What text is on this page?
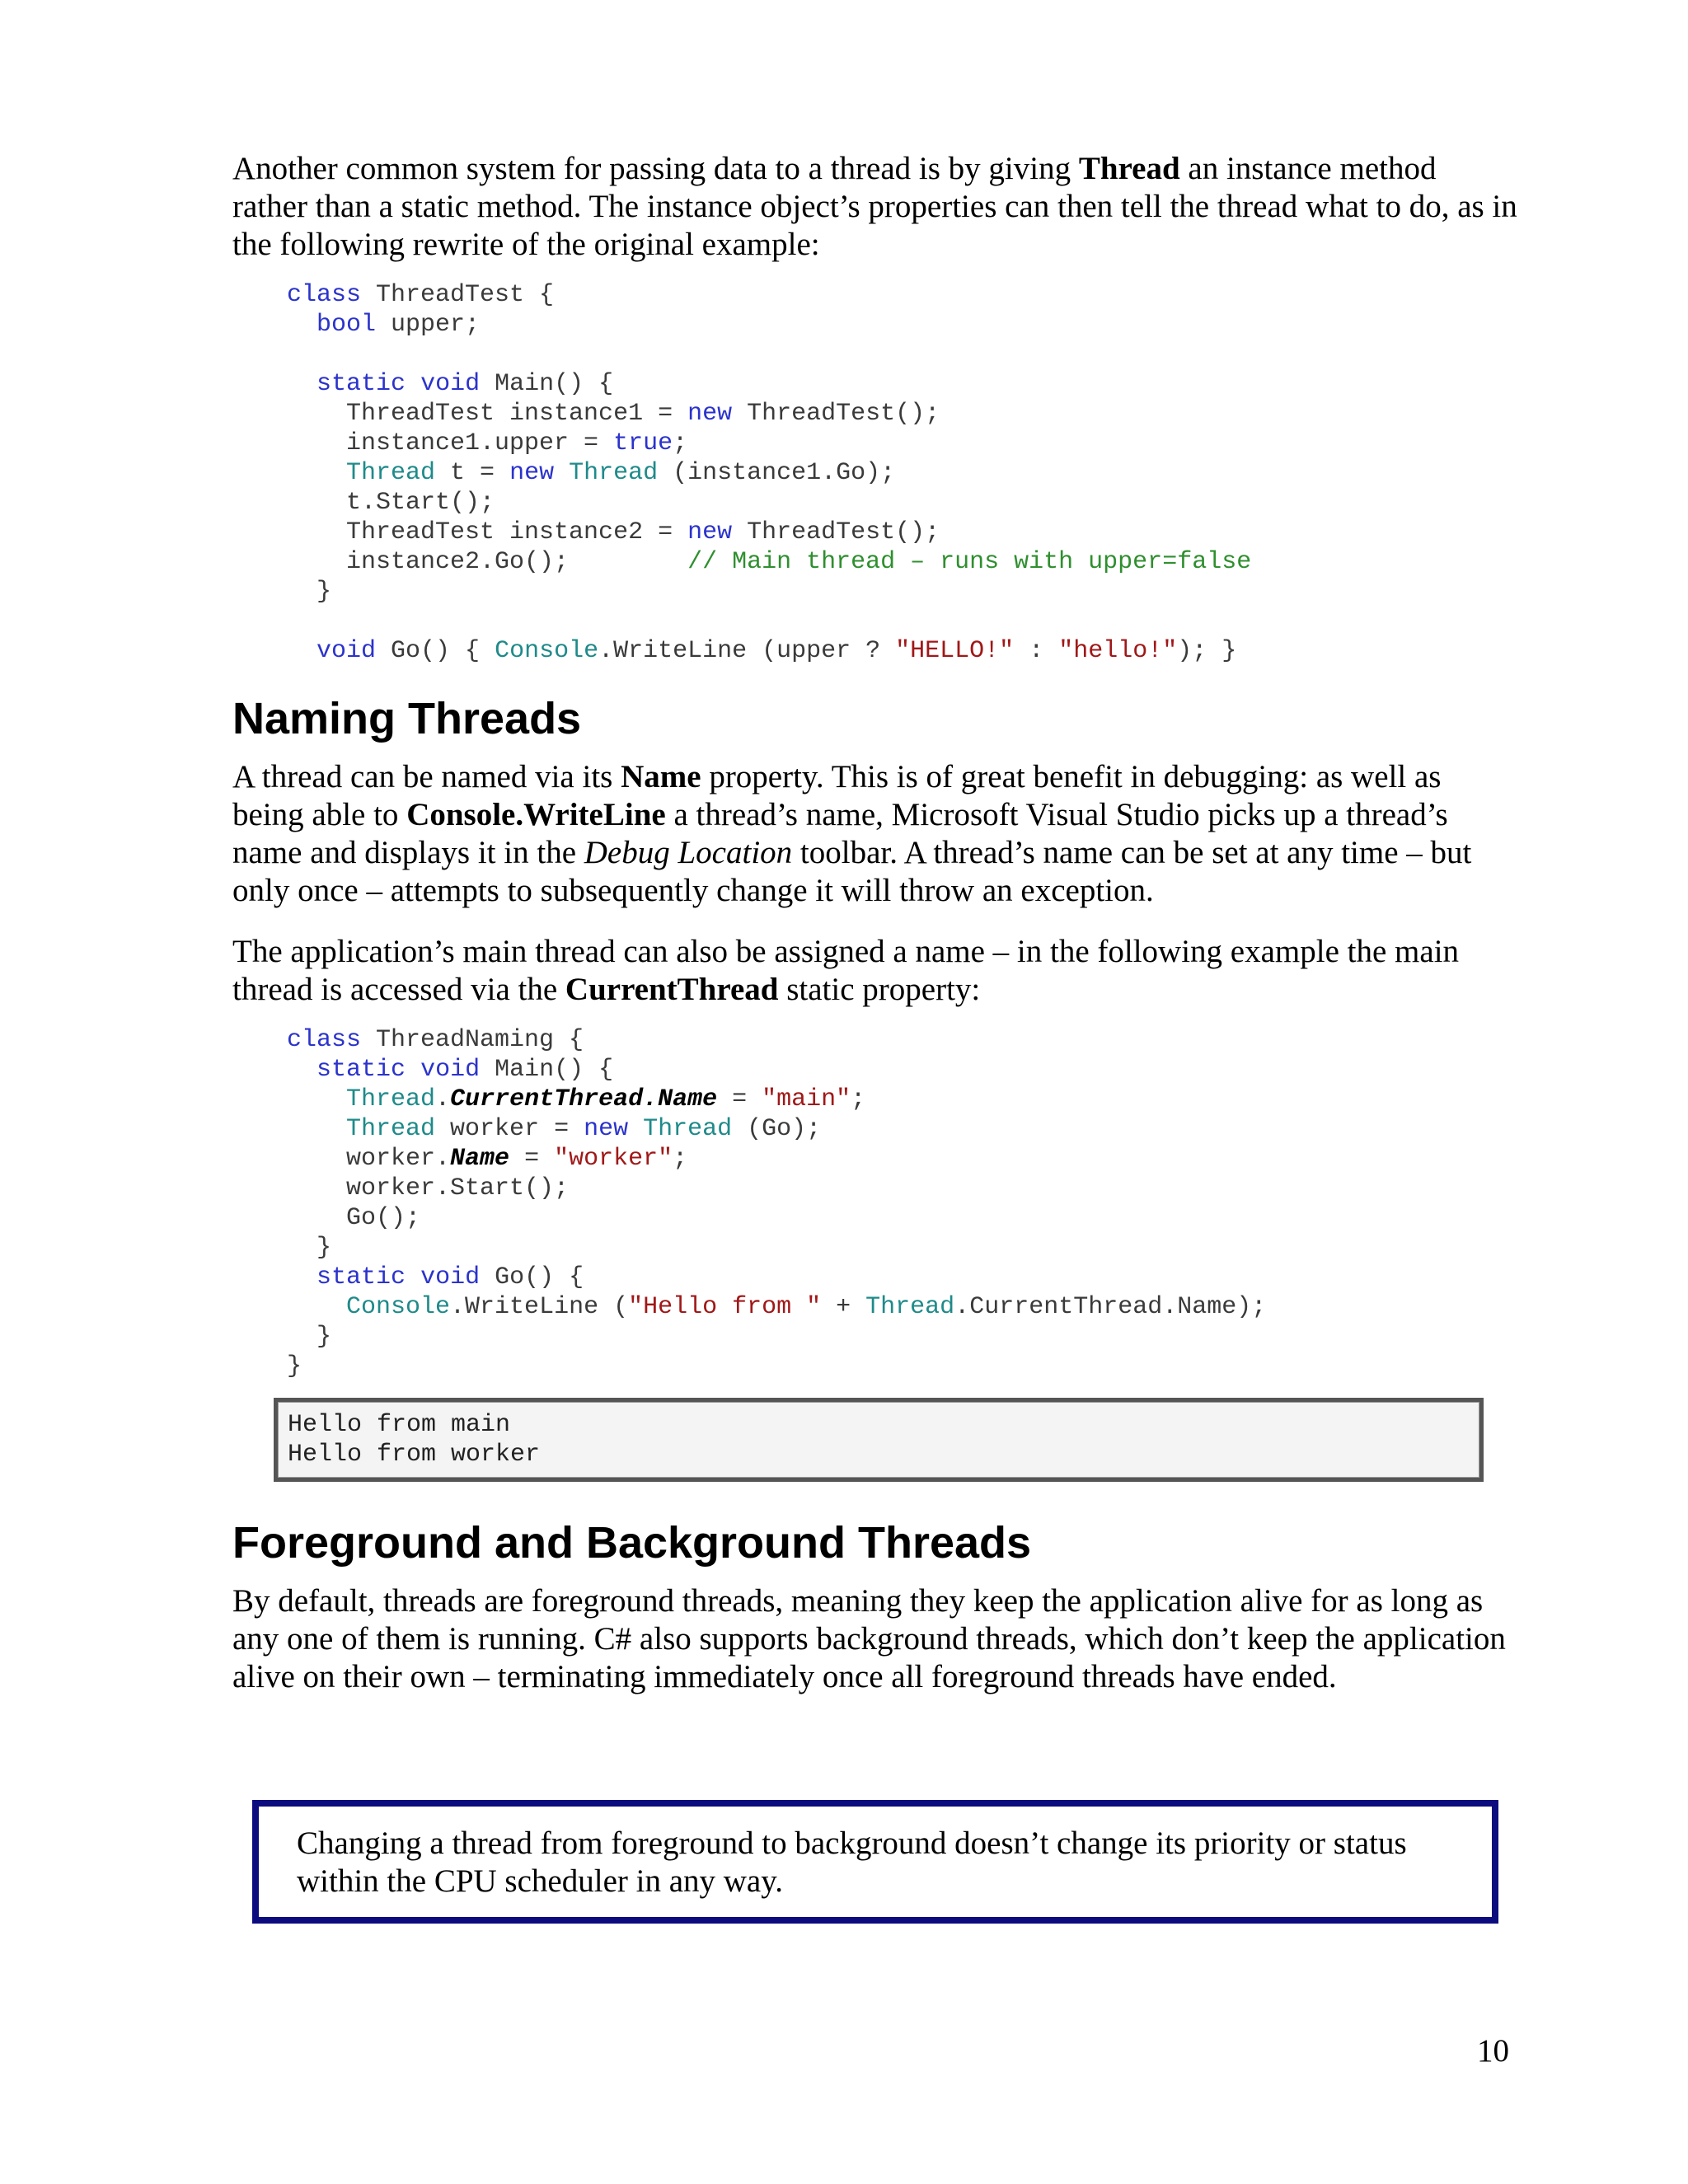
Another common system for passing data to a thread is by giving Thread an instance method rather than a static method. The instance object’s properties can then tell the thread what to do, as in the following rewrite of the original example:

class ThreadTest {
bool upper;

static void Main() {
ThreadTest instance1 = new ThreadTest();
instance1.upper = true;
Thread t = new Thread (instance1.Go);
t.Start();
ThreadTest instance2 = new ThreadTest();
instance2.Go();        // Main thread – runs with upper=false
}

void Go() { Console.WriteLine (upper ? "HELLO!" : "hello!"); }
Naming Threads

A thread can be named via its Name property. This is of great benefit in debugging: as well as being able to Console.WriteLine a thread’s name, Microsoft Visual Studio picks up a thread’s name and displays it in the Debug Location toolbar. A thread’s name can be set at any time – but only once – attempts to subsequently change it will throw an exception.

The application’s main thread can also be assigned a name – in the following example the main thread is accessed via the CurrentThread static property:

class ThreadNaming {
static void Main() {
Thread.CurrentThread.Name = "main";
Thread worker = new Thread (Go);
worker.Name = "worker";
worker.Start();
Go();
}
static void Go() {
Console.WriteLine ("Hello from " + Thread.CurrentThread.Name);
}
}
Hello from main
Hello from worker
Foreground and Background Threads

By default, threads are foreground threads, meaning they keep the application alive for as long as any one of them is running. C# also supports background threads, which don’t keep the application alive on their own – terminating immediately once all foreground threads have ended.

Changing a thread from foreground to background doesn’t change its priority or status within the CPU scheduler in any way.

10
